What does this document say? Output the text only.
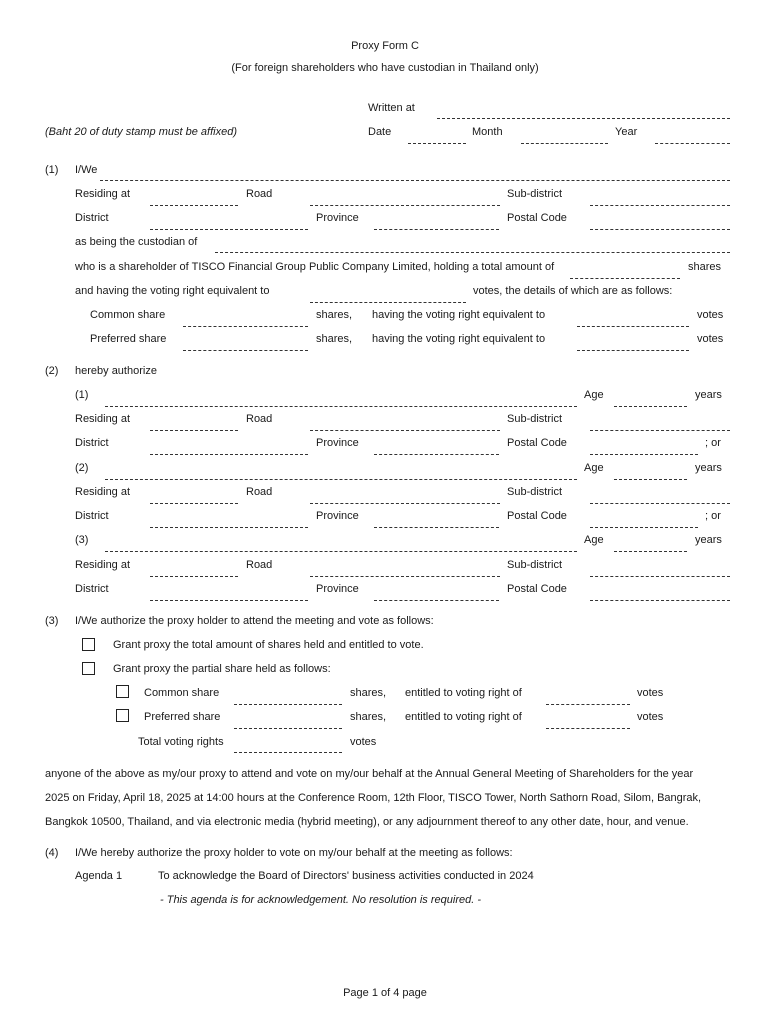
Proxy Form C
(For foreign shareholders who have custodian in Thailand only)
Written at
(Baht 20 of duty stamp must be affixed)	Date	Month	Year
(1) I/We
Residing at	Road	Sub-district
District	Province	Postal Code
as being the custodian of
who is a shareholder of TISCO Financial Group Public Company Limited, holding a total amount of	shares
and having the voting right equivalent to	votes, the details of which are as follows:
Common share	shares, having the voting right equivalent to	votes
Preferred share	shares, having the voting right equivalent to	votes
(2) hereby authorize
(1)	Age	years
Residing at	Road	Sub-district
District	Province	Postal Code	; or
(2)	Age	years
Residing at	Road	Sub-district
District	Province	Postal Code	; or
(3)	Age	years
Residing at	Road	Sub-district
District	Province	Postal Code
(3) I/We authorize the proxy holder to attend the meeting and vote as follows:
Grant proxy the total amount of shares held and entitled to vote.
Grant proxy the partial share held as follows:
Common share	shares, entitled to voting right of	votes
Preferred share	shares, entitled to voting right of	votes
Total voting rights	votes
anyone of the above as my/our proxy to attend and vote on my/our behalf at the Annual General Meeting of Shareholders for the year
2025 on Friday, April 18, 2025 at 14:00 hours at the Conference Room, 12th Floor, TISCO Tower, North Sathorn Road, Silom, Bangrak,
Bangkok 10500, Thailand, and via electronic media (hybrid meeting), or any adjournment thereof to any other date, hour, and venue.
(4) I/We hereby authorize the proxy holder to vote on my/our behalf at the meeting as follows:
Agenda 1	To acknowledge the Board of Directors' business activities conducted in 2024
- This agenda is for acknowledgement. No resolution is required. -
Page 1 of 4 page
